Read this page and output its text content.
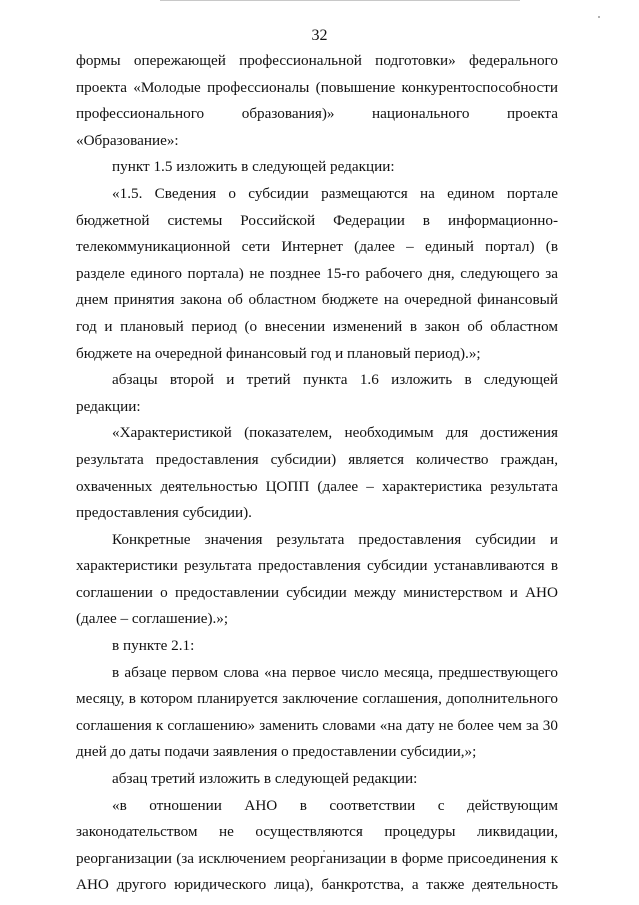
32

формы опережающей профессиональной подготовки» федерального проекта «Молодые профессионалы (повышение конкурентоспособности профессионального образования)» национального проекта «Образование»:

пункт 1.5 изложить в следующей редакции:

«1.5. Сведения о субсидии размещаются на едином портале бюджетной системы Российской Федерации в информационно-телекоммуникационной сети Интернет (далее – единый портал) (в разделе единого портала) не позднее 15-го рабочего дня, следующего за днем принятия закона об областном бюджете на очередной финансовый год и плановый период (о внесении изменений в закон об областном бюджете на очередной финансовый год и плановый период).»;

абзацы второй и третий пункта 1.6 изложить в следующей редакции:

«Характеристикой (показателем, необходимым для достижения результата предоставления субсидии) является количество граждан, охваченных деятельностью ЦОПП (далее – характеристика результата предоставления субсидии).

Конкретные значения результата предоставления субсидии и характеристики результата предоставления субсидии устанавливаются в соглашении о предоставлении субсидии между министерством и АНО (далее – соглашение).»;

в пункте 2.1:

в абзаце первом слова «на первое число месяца, предшествующего месяцу, в котором планируется заключение соглашения, дополнительного соглашения к соглашению» заменить словами «на дату не более чем за 30 дней до даты подачи заявления о предоставлении субсидии,»;

абзац третий изложить в следующей редакции:

«в отношении АНО в соответствии с действующим законодательством не осуществляются процедуры ликвидации, реорганизации (за исключением реорганизации в форме присоединения к АНО другого юридического лица), банкротства, а также деятельность
